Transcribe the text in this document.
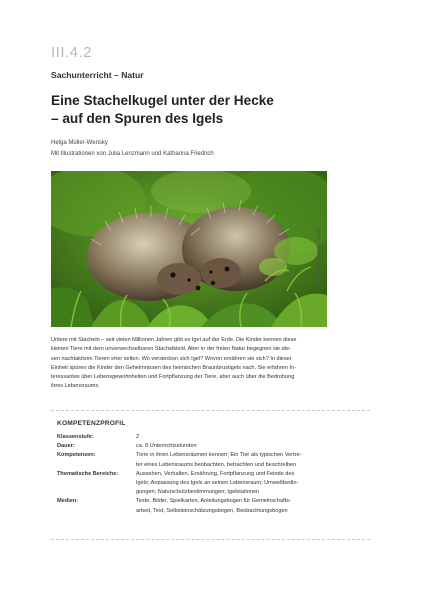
III.4.2
Sachunterricht – Natur
Eine Stachelkugel unter der Hecke
– auf den Spuren des Igels
Helga Müller-Wensky
Mit Illustrationen von Julia Lenzmann und Katharina Friedrich
© gettyimages/Getty/slowmotiongli
Urtiere mit Stacheln – seit vielen Millionen Jahren gibt es Igel auf der Erde. Die Kinder kennen diese
kleinen Tiere mit dem unverwechselbaren Stachelkleid. Aber in der freien Natur begegnen sie die-
sen nachtaktiven Tieren eher selten. Wo verstecken sich Igel? Wovon ernähren sie sich? In dieser
Einheit spüren die Kinder den Geheimnissen des heimischen Braunbrustigels nach. Sie erfahren In-
teressantes über Lebensgewohnheiten und Fortpflanzung der Tiere, aber auch über die Bedrohung
ihres Lebensraums.
KOMPETENZPROFIL
Klassenstufe:	2
Dauer:	ca. 8 Unterrichtsstunden
Kompetenzen:	Tiere in ihren Lebensräumen kennen; Ein Tier als typischen Vertre-
ter eines Lebensraums beobachten, betrachten und beschreiben
Thematische Bereiche:	Aussehen, Verhalten, Ernährung, Fortpflanzung und Feinde des
Igels; Anpassung des Igels an seinen Lebensraum; Umweltbedin-
gungen; Naturschutzbestimmungen; Igelstationen
Medien:	Texte, Bilder, Spielkarten, Anleitungsbogen für Gemeinschafts-
arbeit, Test, Selbsteinschätzungsbogen, Beobachtungsbogen
